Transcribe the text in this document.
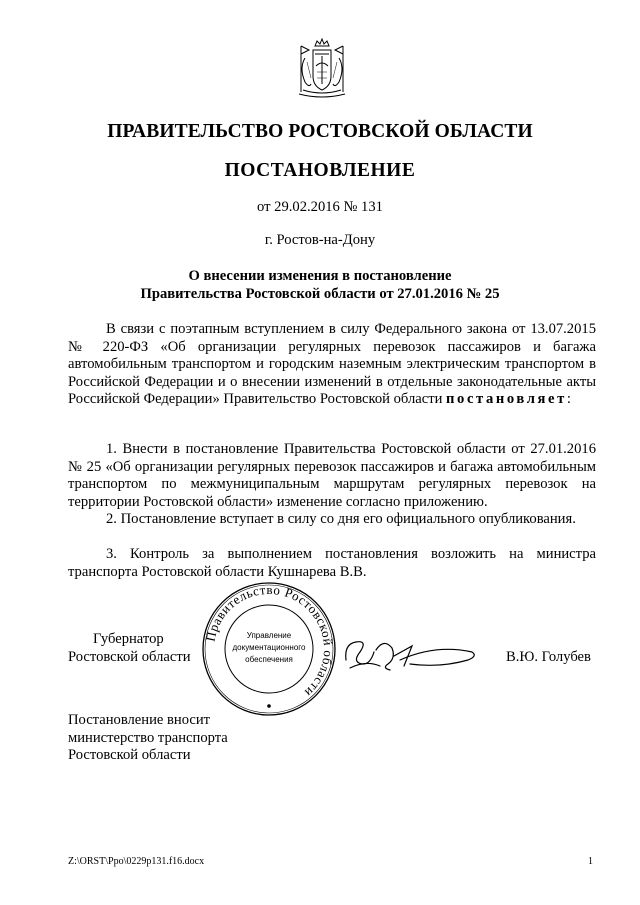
ПРАВИТЕЛЬСТВО РОСТОВСКОЙ ОБЛАСТИ
ПОСТАНОВЛЕНИЕ
от 29.02.2016 № 131
г. Ростов-на-Дону
О внесении изменения в постановление
Правительства Ростовской области от 27.01.2016 № 25
В связи с поэтапным вступлением в силу Федерального закона от 13.07.2015 № 220-ФЗ «Об организации регулярных перевозок пассажиров и багажа автомобильным транспортом и городским наземным электрическим транспортом в Российской Федерации и о внесении изменений в отдельные законодательные акты Российской Федерации» Правительство Ростовской области постановляет:
1. Внести в постановление Правительства Ростовской области от 27.01.2016 № 25 «Об организации регулярных перевозок пассажиров и багажа автомобильным транспортом по межмуниципальным маршрутам регулярных перевозок на территории Ростовской области» изменение согласно приложению.
2. Постановление вступает в силу со дня его официального опубликования.
3. Контроль за выполнением постановления возложить на министра транспорта Ростовской области Кушнарева В.В.
Губернатор
Ростовской области
Правительство Ростовской области
Управление
документационного
обеспечения	В.Ю. Голубев
Постановление вносит
министерство транспорта
Ростовской области
Z:\ORST\Ppo\0229p131.f16.docx	1
